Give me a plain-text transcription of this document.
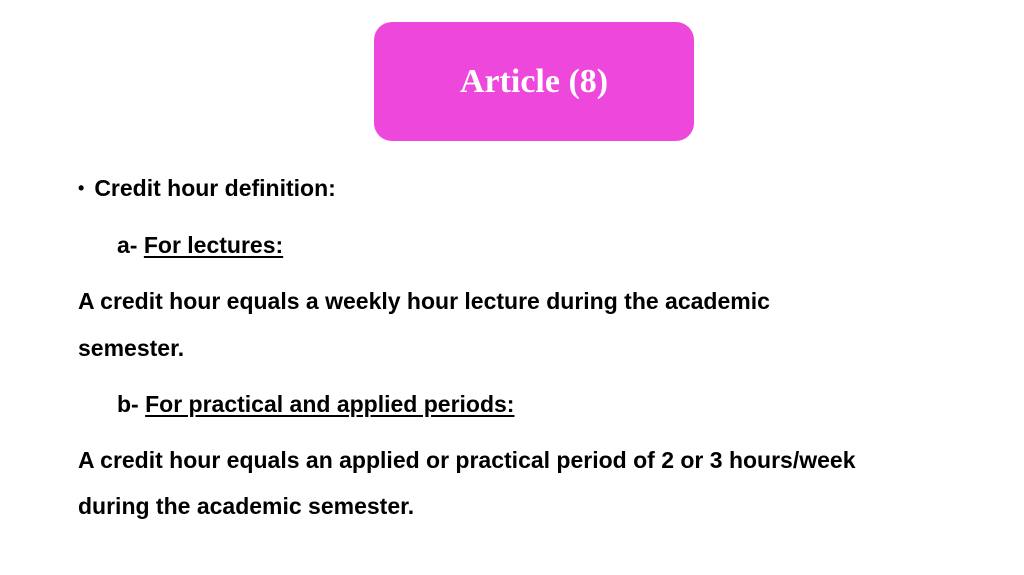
Article (8)
• Credit hour definition:
a- For lectures:
A credit hour equals a weekly hour lecture during the academic
semester.
b- For practical and applied periods:
A credit hour equals an applied or practical period of 2 or 3 hours/week
during the academic semester.
